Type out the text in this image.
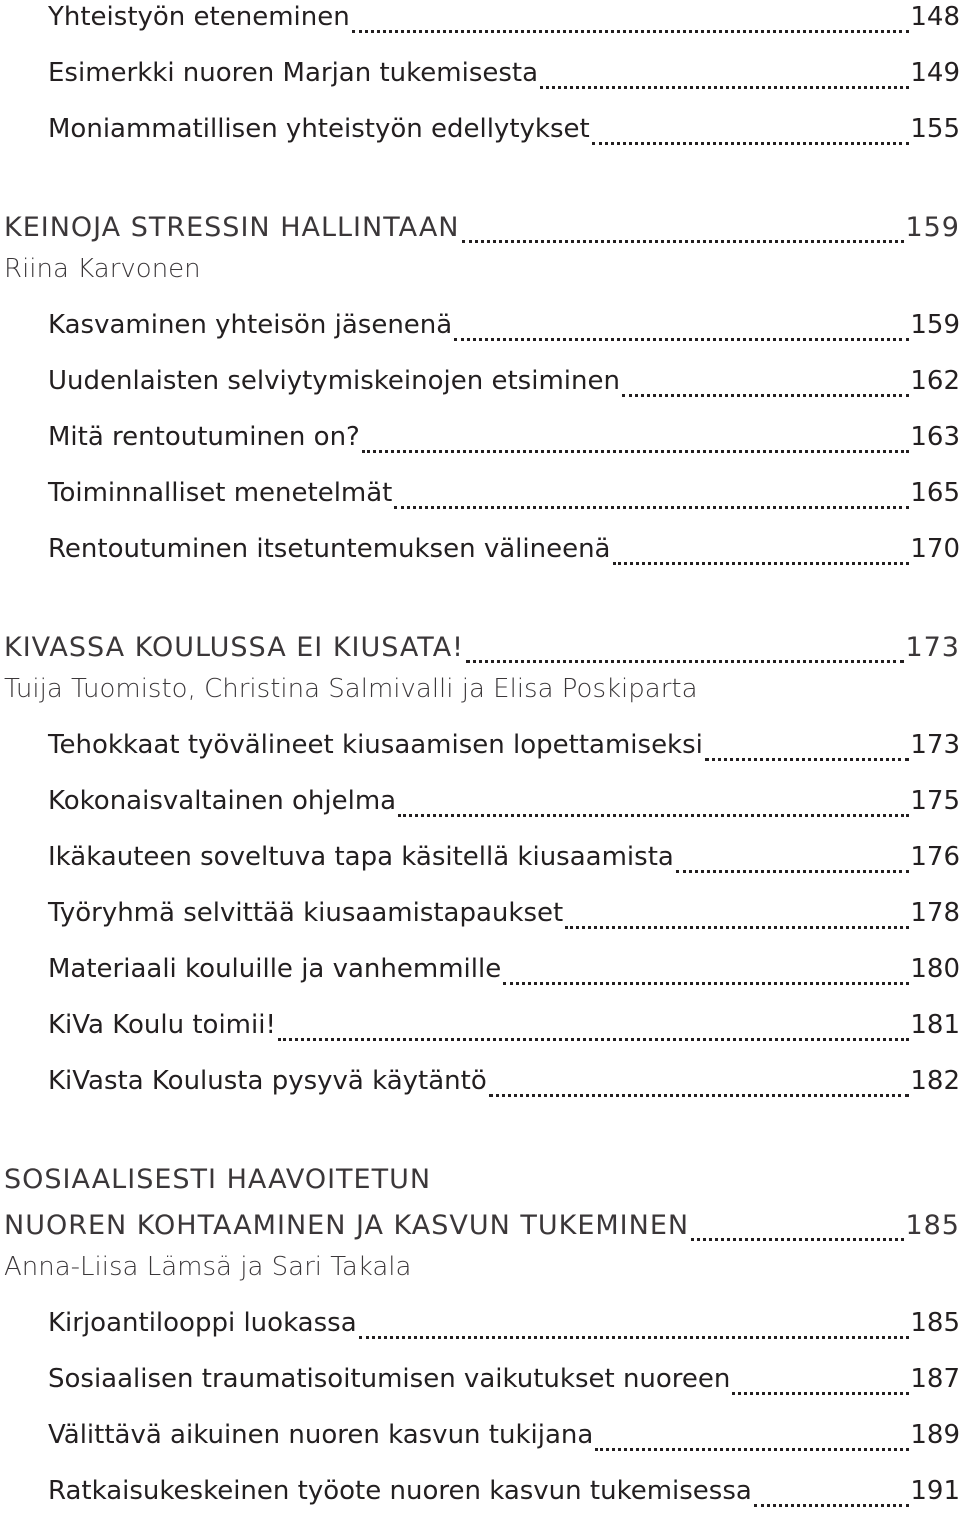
Yhteistyön eteneminen	148
Esimerkki nuoren Marjan tukemisesta	149
Moniammatillisen yhteistyön edellytykset	155
KEINOJA STRESSIN HALLINTAAN	159
Riina Karvonen
Kasvaminen yhteisön jäsenenä	159
Uudenlaisten selviytymiskeinojen etsiminen	162
Mitä rentoutuminen on?	163
Toiminnalliset menetelmät	165
Rentoutuminen itsetuntemuksen välineenä	170
KIVASSA KOULUSSA EI KIUSATA!	173
Tuija Tuomisto, Christina Salmivalli ja Elisa Poskiparta
Tehokkaat työvälineet kiusaamisen lopettamiseksi	173
Kokonaisvaltainen ohjelma	175
Ikäkauteen soveltuva tapa käsitellä kiusaamista	176
Työryhmä selvittää kiusaamistapaukset	178
Materiaali kouluille ja vanhemmille	180
KiVa Koulu toimii!	181
KiVasta Koulusta pysyvä käytäntö	182
SOSIAALISESTI HAAVOITETUN
NUOREN KOHTAAMINEN JA KASVUN TUKEMINEN	185
Anna-Liisa Lämsä ja Sari Takala
Kirjoantilooppi luokassa	185
Sosiaalisen traumatisoitumisen vaikutukset nuoreen	187
Välittävä aikuinen nuoren kasvun tukijana	189
Ratkaisukeskeinen työote nuoren kasvun tukemisessa	191
